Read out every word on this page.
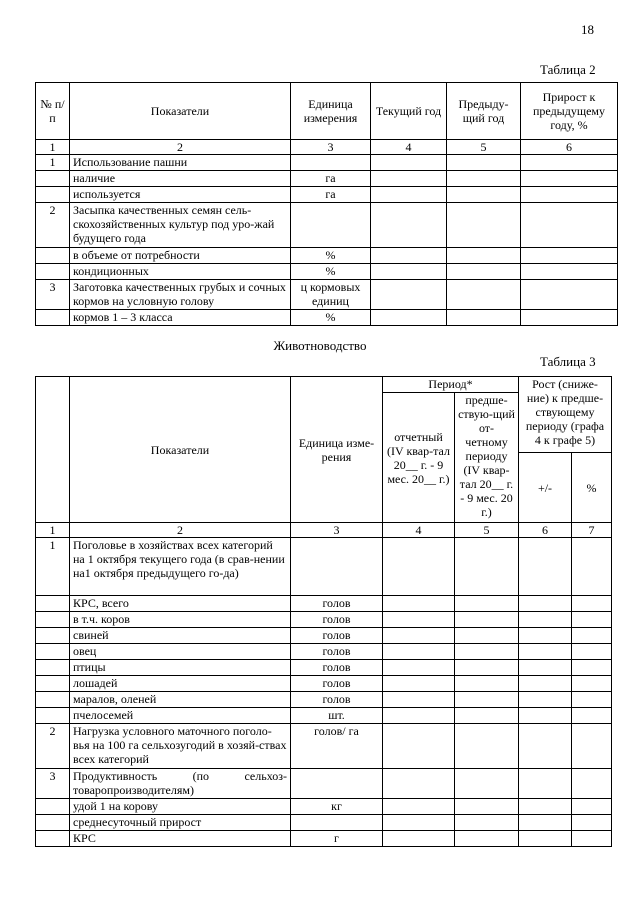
18
Таблица 2
№ п/п	Показатели	Единица измерения	Текущий год	Предыду-щий год	Прирост к предыдущему году, %
1	2	3	4	5	6
1	Использование пашни				
	наличие	га			
	используется	га			
2	Засыпка качественных семян сель-скохозяйственных культур под уро-жай будущего года				
	в объеме от потребности	%			
	кондиционных	%			
3	Заготовка качественных грубых и сочных кормов на условную голову	ц кормовых единиц			
	кормов 1 – 3 класса	%			
Животноводство
Таблица 3
	Показатели	Единица изме-рения	Период*		Рост (сниже-ние) к предше-ствующему периоду (графа 4 к графе 5)	
			отчетный (IV квар-тал 20__ г. - 9 мес. 20__ г.)	предше-ствую-щий от-четному периоду (IV квар-тал 20__ г. - 9 мес. 20 г.)		
					+/-	%
1	2	3	4	5	6	7
1	Поголовье в хозяйствах всех категорий на 1 октября текущего года (в срав-нении на1 октября предыдущего го-да)					
	КРС, всего	голов				
	в т.ч. коров	голов				
	свиней	голов				
	овец	голов				
	птицы	голов				
	лошадей	голов				
	маралов, оленей	голов				
	пчелосемей	шт.				
2	Нагрузка условного маточного поголо-вья на 100 га сельхозугодий в хозяй-ствах всех категорий	голов/ га				
3	Продуктивность (по сельхоз-товаропроизводителям)					
	удой 1 на корову	кг				
	среднесуточный прирост					
	КРС	г				
